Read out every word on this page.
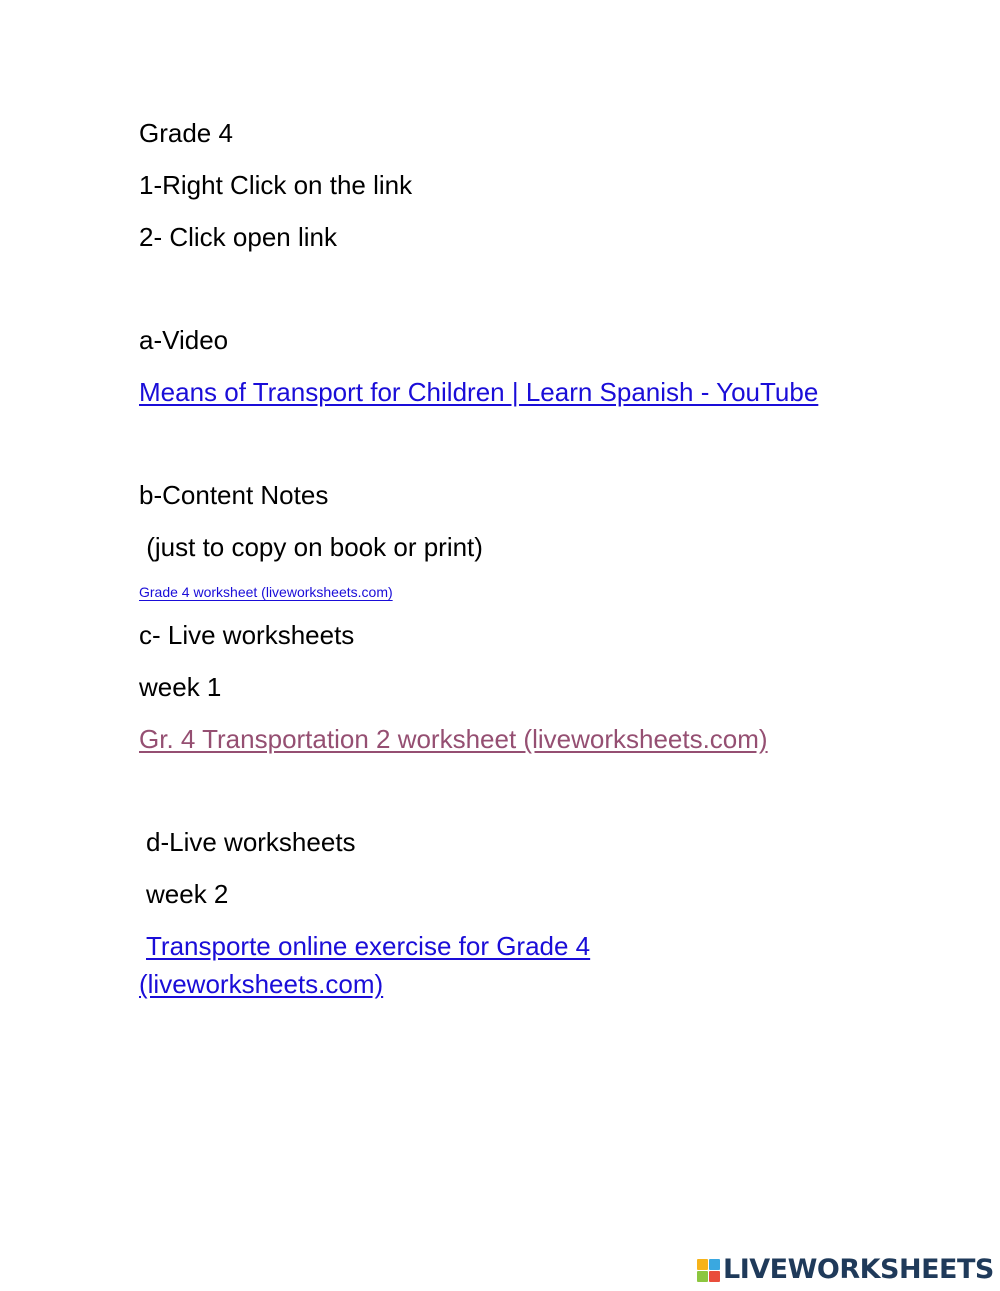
Grade 4

1-Right Click on the link

2- Click open link

a-Video

Means of Transport for Children | Learn Spanish - YouTube

b-Content Notes

(just to copy on book or print)

Grade 4 worksheet (liveworksheets.com)

c- Live worksheets

week 1

Gr. 4 Transportation 2 worksheet (liveworksheets.com)

d-Live worksheets

week 2

Transporte online exercise for Grade 4
(liveworksheets.com)
LIVEWORKSHEETS
